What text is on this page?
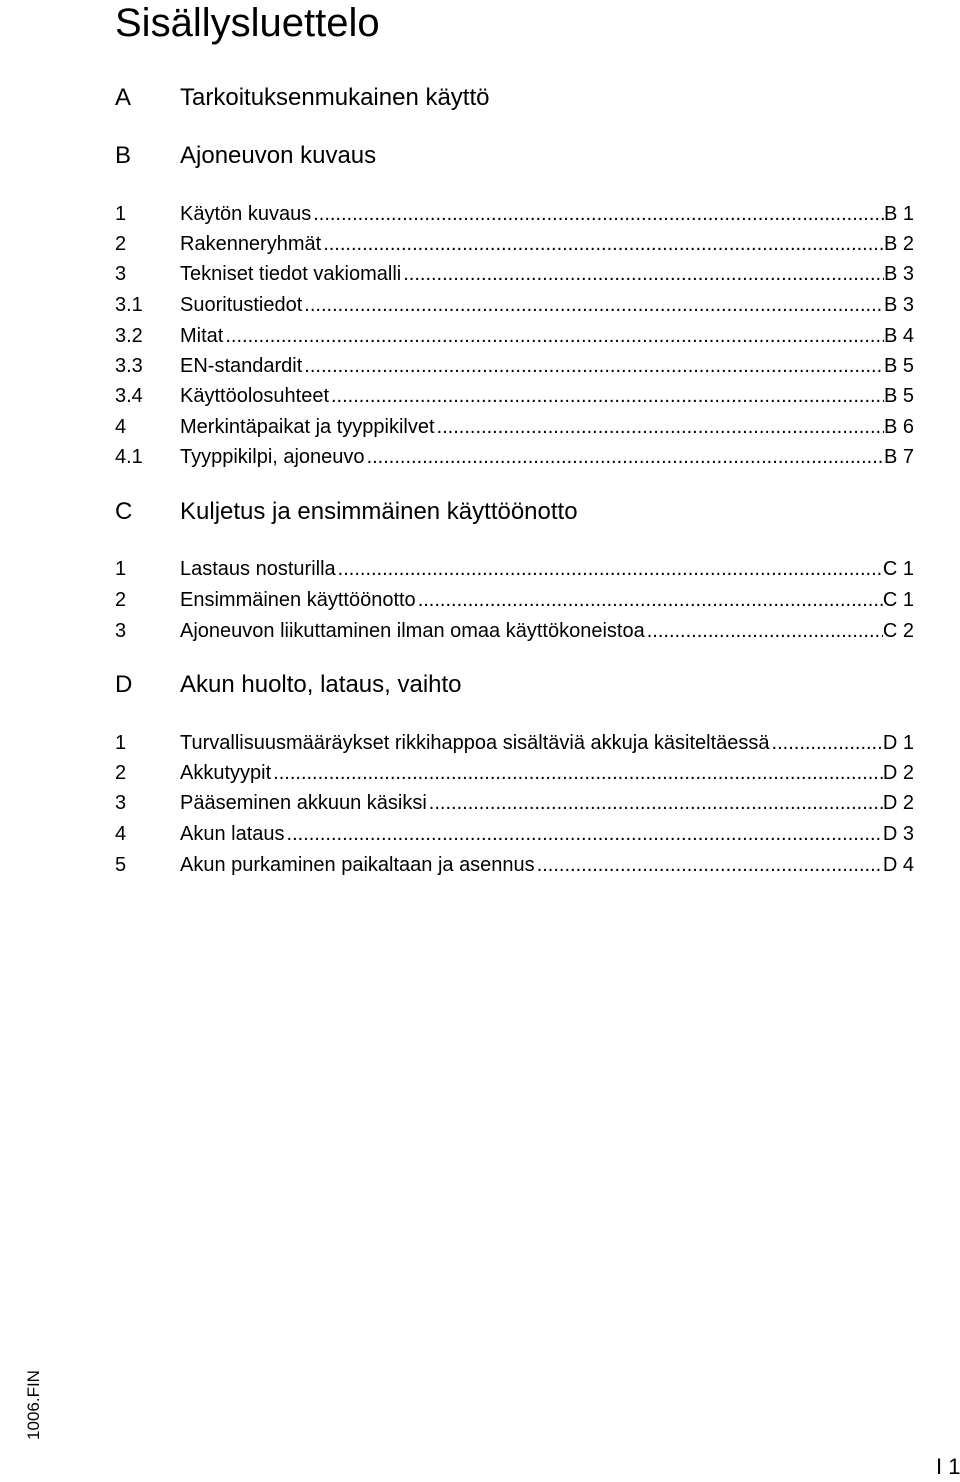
Sisällysluettelo
A Tarkoituksenmukainen käyttö
B Ajoneuvon kuvaus
1	Käytön kuvaus .....	B 1
2	Rakenneryhmät .....	B 2
3	Tekniset tiedot vakiomalli .....	B 3
3.1 Suoritustiedot .....	B 3
3.2 Mitat .....	B 4
3.3 EN-standardit .....	B 5
3.4 Käyttöolosuhteet .....	B 5
4	Merkintäpaikat ja tyyppikilvet .....	B 6
4.1 Tyyppikilpi, ajoneuvo .....	B 7
C Kuljetus ja ensimmäinen käyttöönotto
1	Lastaus nosturilla .....	C 1
2	Ensimmäinen käyttöönotto .....	C 1
3	Ajoneuvon liikuttaminen ilman omaa käyttökoneistoa .....	C 2
D Akun huolto, lataus, vaihto
1	Turvallisuusmääräykset rikkihappoa sisältäviä akkuja käsiteltäessä .....	D 1
2	Akkutyypit .....	D 2
3	Pääseminen akkuun käsiksi .....	D 2
4	Akun lataus .....	D 3
5	Akun purkaminen paikaltaan ja asennus .....	D 4
1006.FIN
I 1
